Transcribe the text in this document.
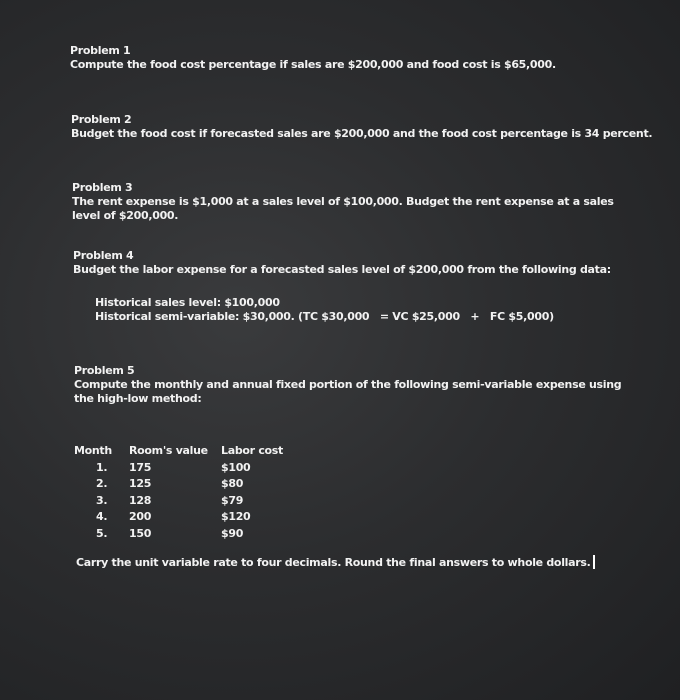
Problem 1
Compute the food cost percentage if sales are $200,000 and food cost is $65,000.
Problem 2
Budget the food cost if forecasted sales are $200,000 and the food cost percentage is 34 percent.
Problem 3
The rent expense is $1,000 at a sales level of $100,000. Budget the rent expense at a sales level of $200,000.
Problem 4
Budget the labor expense for a forecasted sales level of $200,000 from the following data:
Historical sales level: $100,000
Historical semi-variable: $30,000. (TC $30,000   = VC $25,000   +   FC $5,000)
Problem 5
Compute the monthly and annual fixed portion of the following semi-variable expense using the high-low method:
Month	Room's value	Labor cost
1.	175	$100
2.	125	$80
3.	128	$79
4.	200	$120
5.	150	$90
Carry the unit variable rate to four decimals. Round the final answers to whole dollars.
